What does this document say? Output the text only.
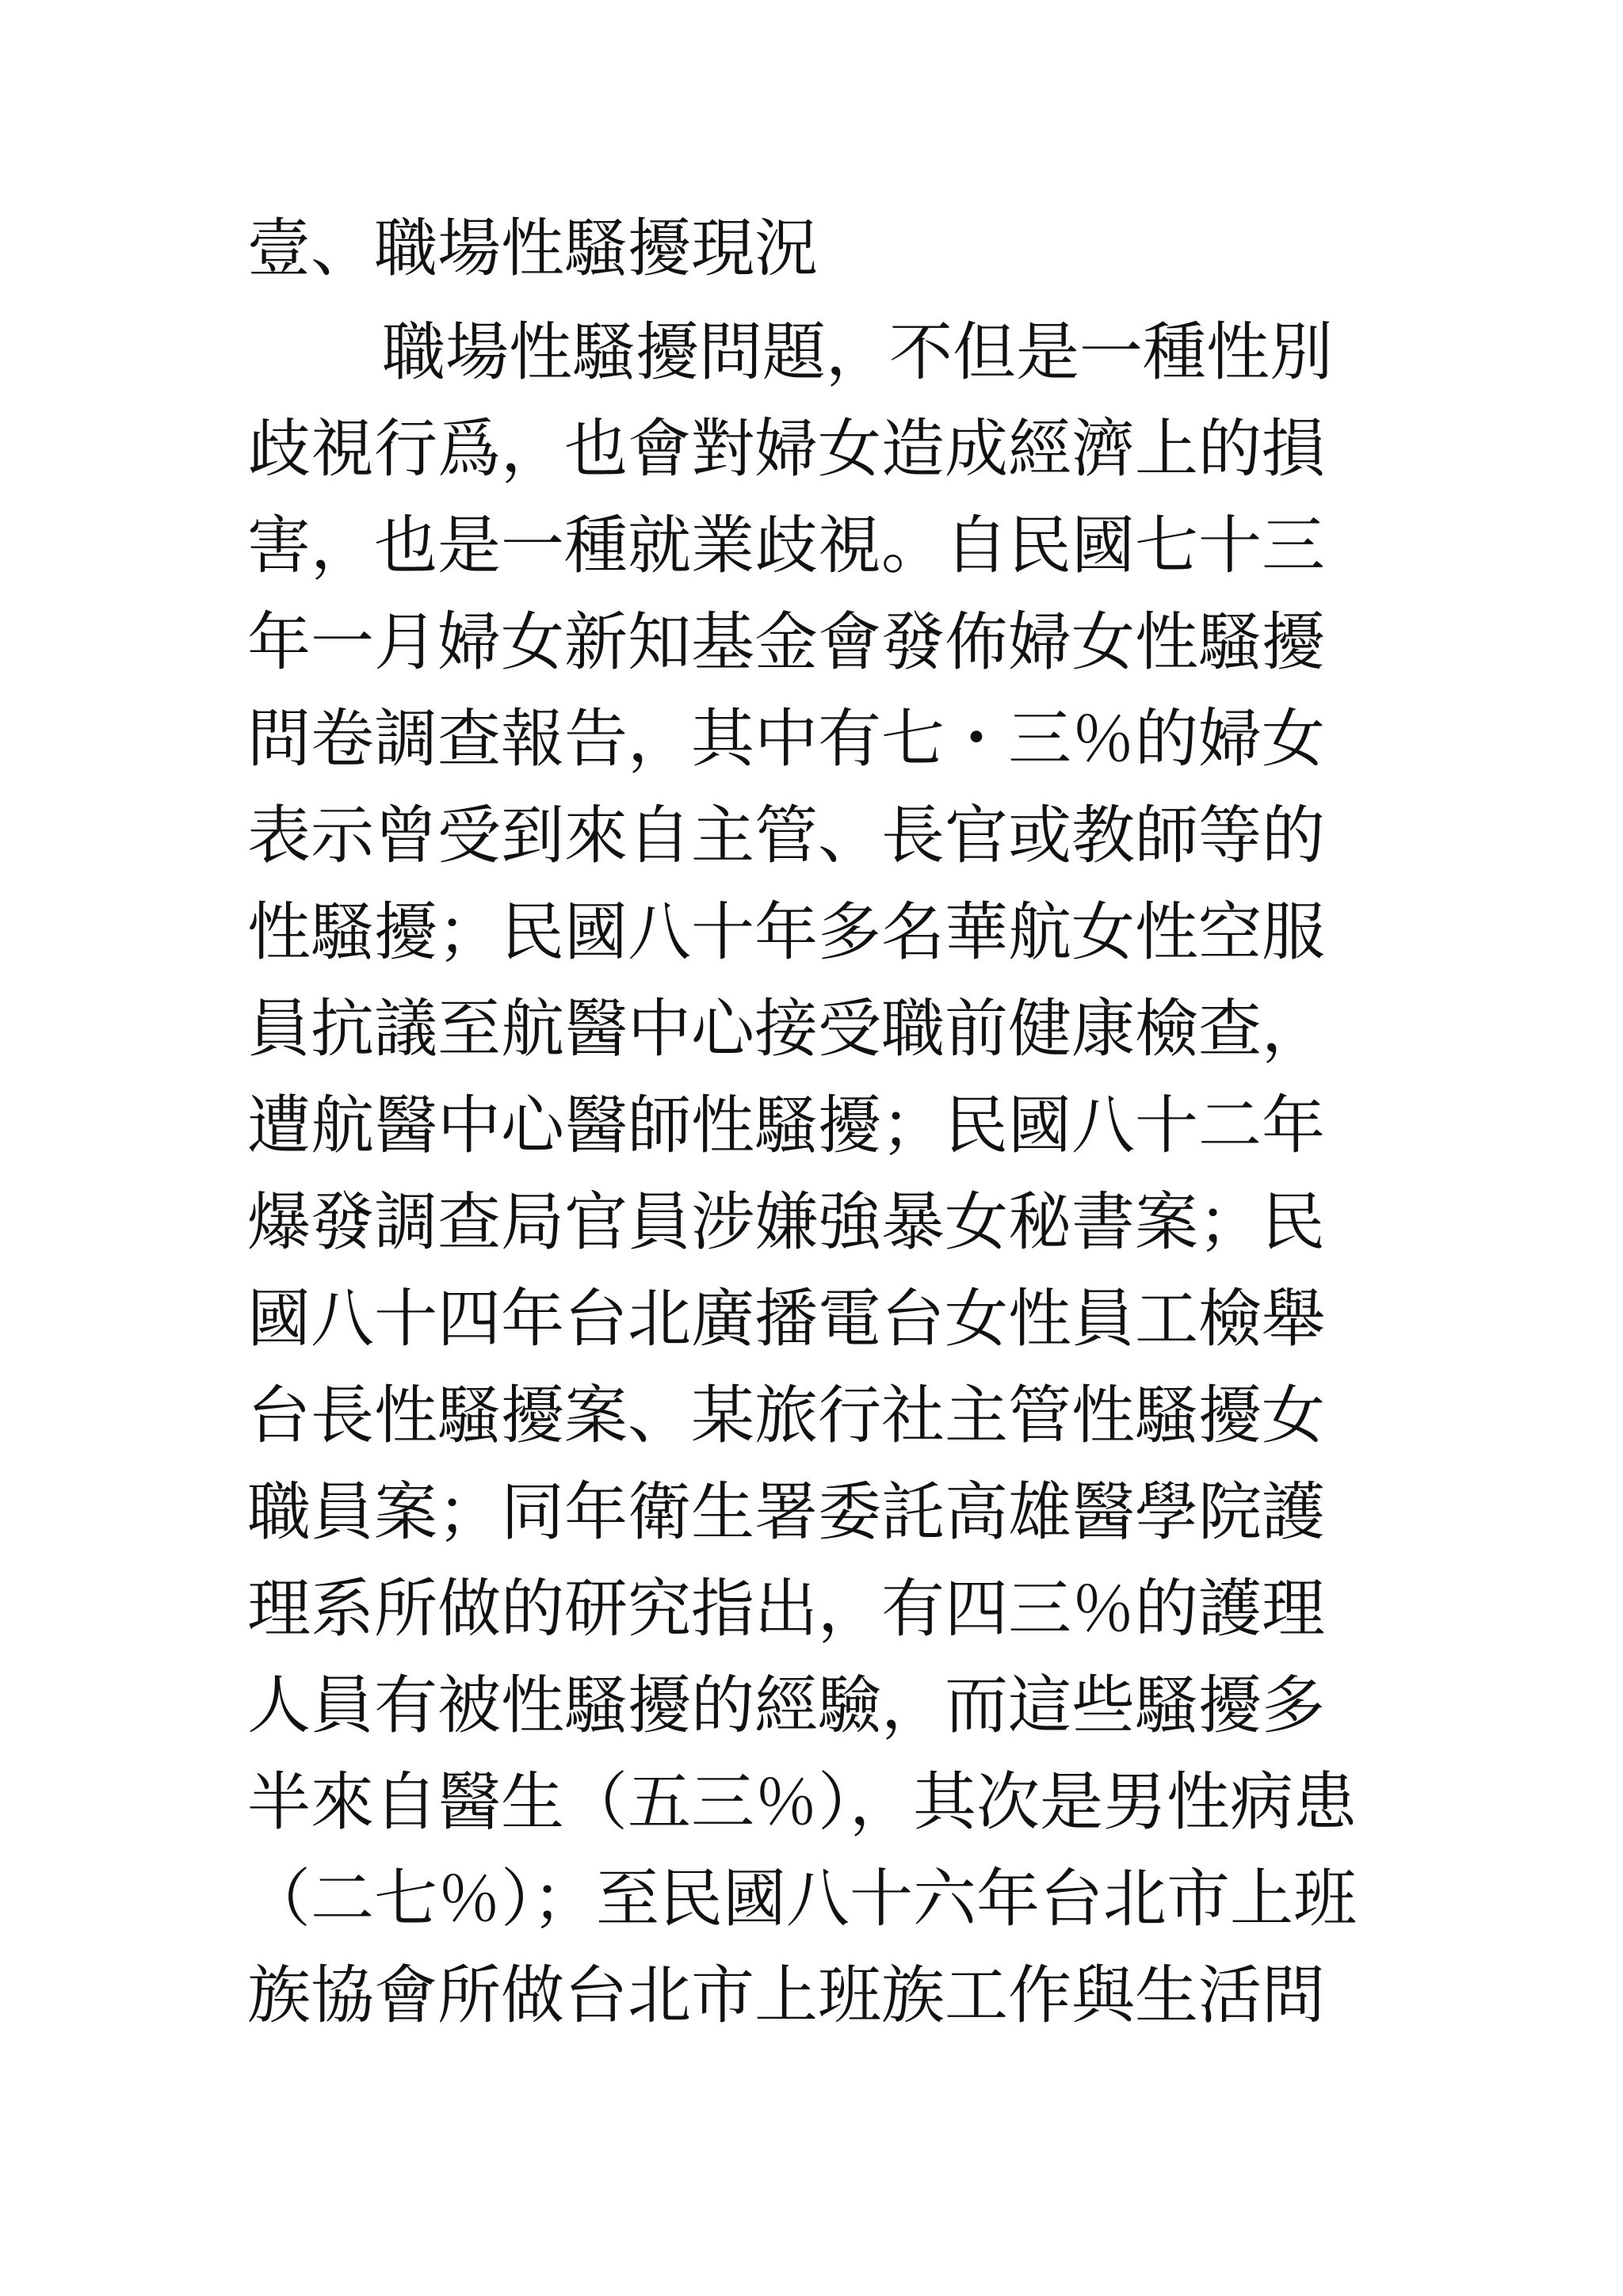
壹、職場性騷擾現況
職場性騷擾問題，不但是一種性別
歧視行爲，也會對婦女造成經濟上的損
害，也是一種就業歧視。自民國七十三
年一月婦女新知基金會發佈婦女性騷擾
問卷調查報告，其中有七・三％的婦女
表示曾受到來自主管、長官或教師等的
性騷擾；民國八十年多名華航女性空服
員抗議至航醫中心接受職前健康檢查，
遭航醫中心醫師性騷擾；民國八十二年
爆發調查局官員涉嫌強暴女秘書案；民
國八十四年台北廣播電台女性員工檢舉
台長性騷擾案、某旅行社主管性騷擾女
職員案；同年衛生署委託高雄醫學院護
理系所做的研究指出，有四三％的護理
人員有被性騷擾的經驗，而這些騷擾多
半來自醫生（五三％），其次是男性病患
（二七％）；至民國八十六年台北市上班
族協會所做台北市上班族工作與生活問
